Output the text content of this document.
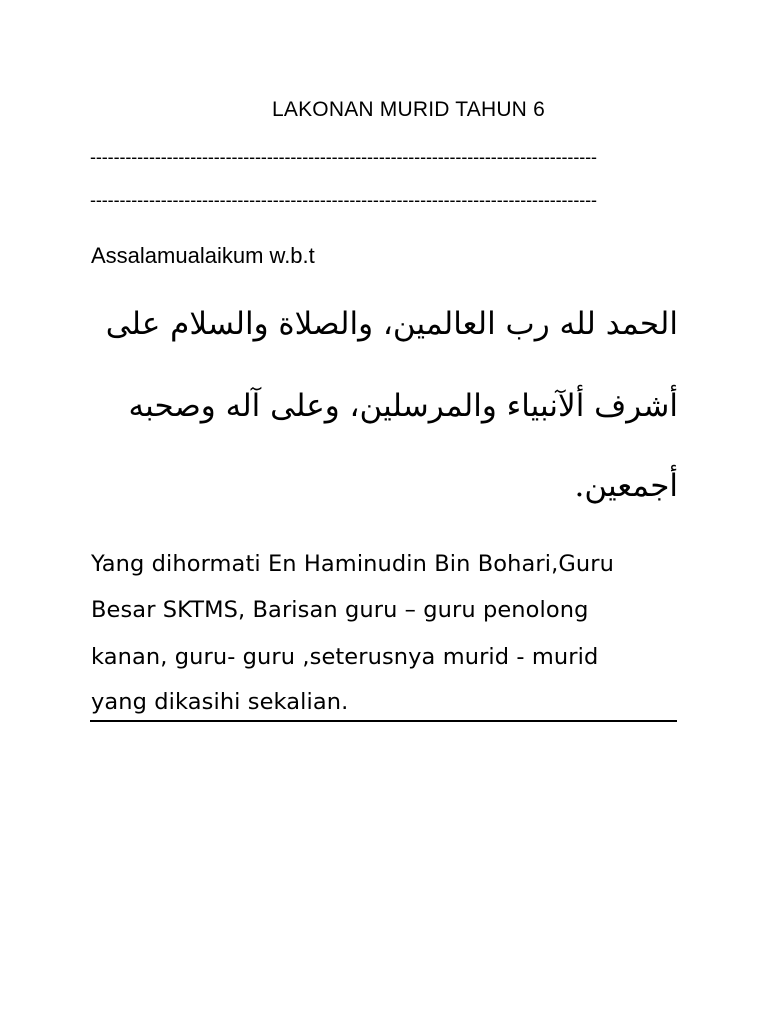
LAKONAN MURID TAHUN 6
--------------------------------------------------------------------------------------
--------------------------------------------------------------------------------------
Assalamualaikum w.b.t
الحمد لله رب العالمين، والصلاة والسلام على
أشرف ألآنبياء والمرسلين، وعلى آله وصحبه
أجمعين.
Yang dihormati En Haminudin Bin Bohari,Guru
Besar SKTMS, Barisan guru – guru penolong
kanan, guru- guru ,seterusnya murid - murid
yang dikasihi sekalian.
